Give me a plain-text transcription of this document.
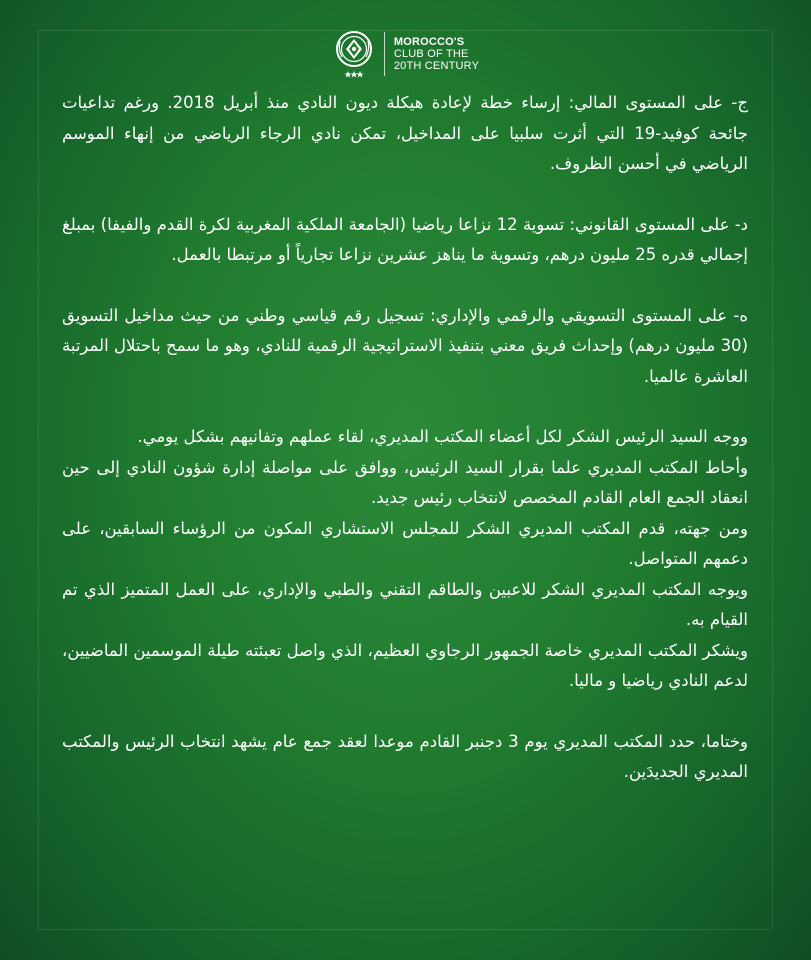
MOROCCO'S
CLUB OF THE
20TH CENTURY

ج- على المستوى المالي: إرساء خطة لإعادة هيكلة ديون النادي منذ أبريل 2018. ورغم تداعيات جائحة كوفيد-19 التي أثرت سلبيا على المداخيل، تمكن نادي الرجاء الرياضي من إنهاء الموسم الرياضي في أحسن الظروف.

د- على المستوى القانوني: تسوية 12 نزاعا رياضيا (الجامعة الملكية المغربية لكرة القدم والفيفا) بمبلغ إجمالي قدره 25 مليون درهم، وتسوية ما يناهز عشرين نزاعا تجارياً أو مرتبطا بالعمل.

ه- على المستوى التسويقي والرقمي والإداري: تسجيل رقم قياسي وطني من حيث مداخيل التسويق (30 مليون درهم) وإحداث فريق معني بتنفيذ الاستراتيجية الرقمية للنادي، وهو ما سمح باحتلال المرتبة العاشرة عالميا.

ووجه السيد الرئيس الشكر لكل أعضاء المكتب المديري، لقاء عملهم وتفانيهم بشكل يومي.

وأحاط المكتب المديري علما بقرار السيد الرئيس، ووافق على مواصلة إدارة شؤون النادي إلى حين انعقاد الجمع العام القادم المخصص لانتخاب رئيس جديد.

ومن جهته، قدم المكتب المديري الشكر للمجلس الاستشاري المكون من الرؤساء السابقين، على دعمهم المتواصل.

ويوجه المكتب المديري الشكر للاعبين والطاقم التقني والطبي والإداري، على العمل المتميز الذي تم القيام به.

ويشكر المكتب المديري خاصة الجمهور الرجاوي العظيم، الذي واصل تعبئته طيلة الموسمين الماضيين، لدعم النادي رياضيا و ماليا.

وختاما، حدد المكتب المديري يوم 3 دجنبر القادم موعدا لعقد جمع عام يشهد انتخاب الرئيس والمكتب المديري الجديدَين.
